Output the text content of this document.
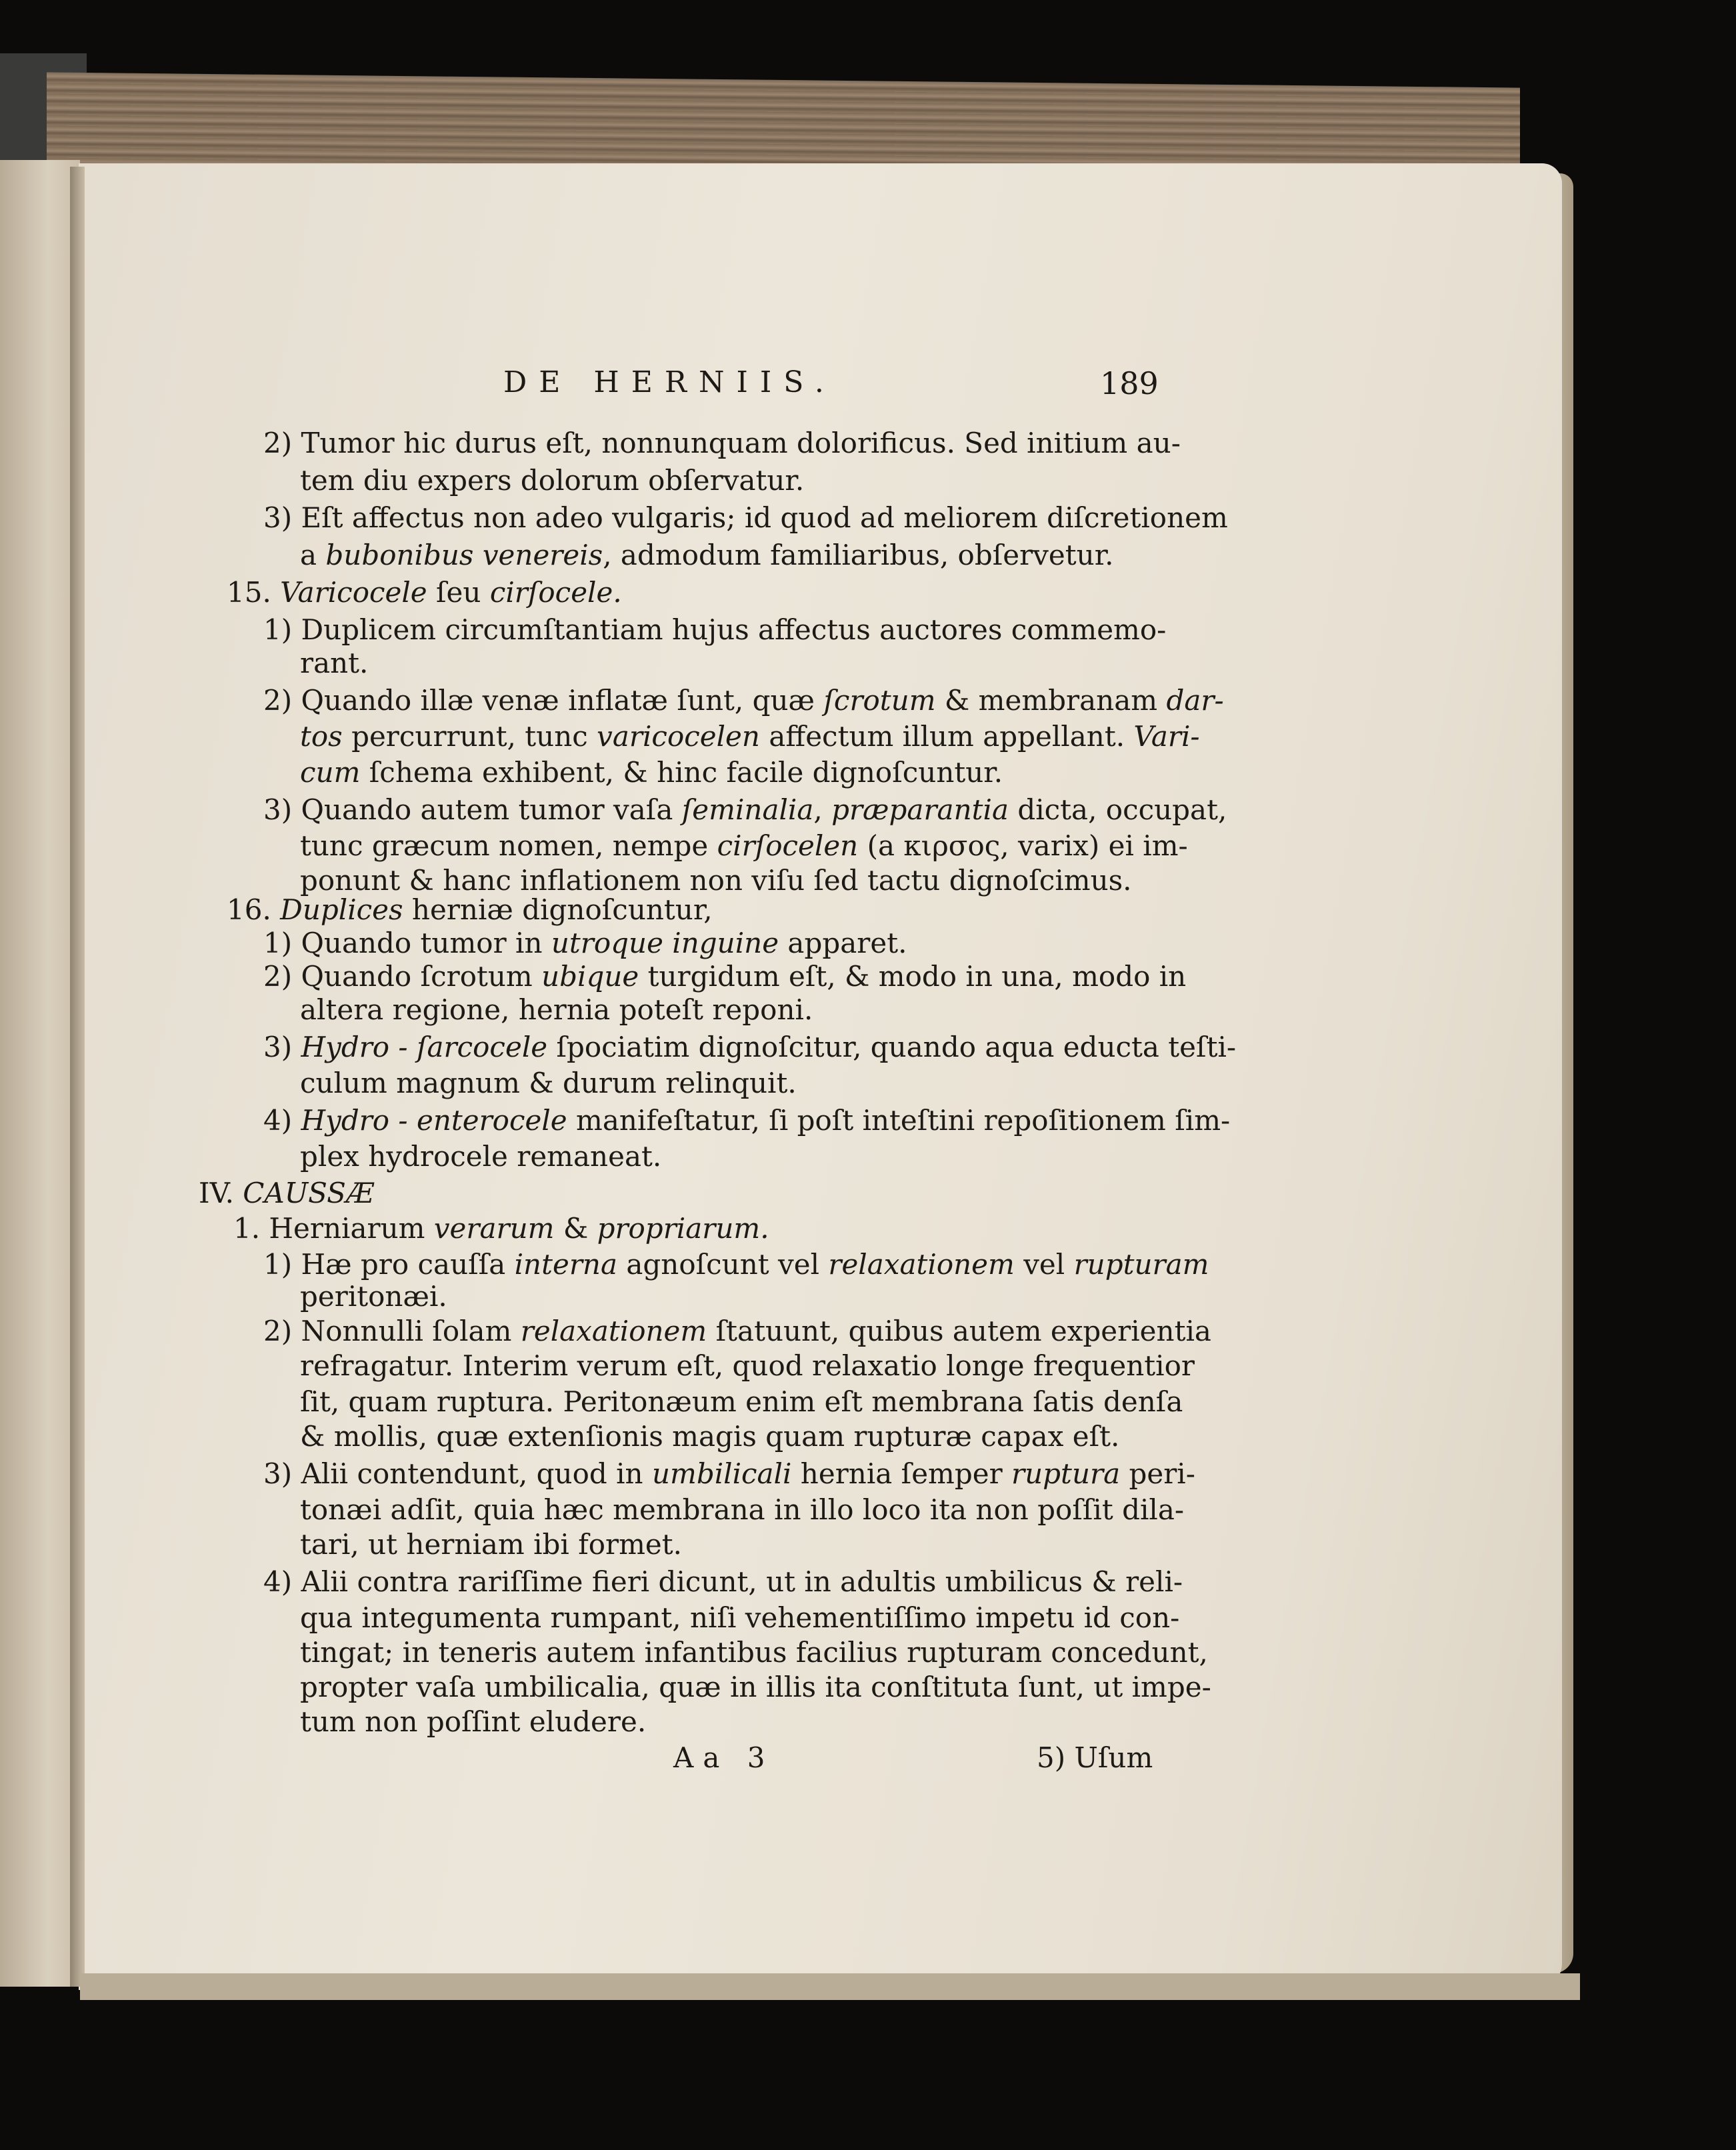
DE HERNIIS.	189
2) Tumor hic durus eſt, nonnunquam dolorificus. Sed initium au-
tem diu expers dolorum obſervatur.
3) Eſt affectus non adeo vulgaris; id quod ad meliorem diſcretionem
a bubonibus venereis, admodum familiaribus, obſervetur.
15. Varicocele ſeu cirſocele.
1) Duplicem circumſtantiam hujus affectus auctores commemo-
rant.
2) Quando illæ venæ inflatæ ſunt, quæ ſcrotum & membranam dar-
tos percurrunt, tunc varicocelen affectum illum appellant. Vari-
cum ſchema exhibent, & hinc facile dignoſcuntur.
3) Quando autem tumor vaſa ſeminalia, præparantia dicta, occupat,
tunc græcum nomen, nempe cirſocelen (a κιρσος, varix) ei im-
ponunt & hanc inflationem non viſu ſed tactu dignoſcimus.
16. Duplices herniæ dignoſcuntur,
1) Quando tumor in utroque inguine apparet.
2) Quando ſcrotum ubique turgidum eſt, & modo in una, modo in
altera regione, hernia poteſt reponi.
3) Hydro - ſarcocele ſpociatim dignoſcitur, quando aqua educta teſti-
culum magnum & durum relinquit.
4) Hydro - enterocele manifeſtatur, ſi poſt inteſtini repoſitionem ſim-
plex hydrocele remaneat.
IV. CAUSSÆ
1. Herniarum verarum & propriarum.
1) Hæ pro cauſſa interna agnoſcunt vel relaxationem vel rupturam
peritonæi.
2) Nonnulli ſolam relaxationem ſtatuunt, quibus autem experientia
refragatur. Interim verum eſt, quod relaxatio longe frequentior
ſit, quam ruptura. Peritonæum enim eſt membrana ſatis denſa
& mollis, quæ extenſionis magis quam rupturæ capax eſt.
3) Alii contendunt, quod in umbilicali hernia ſemper ruptura peri-
tonæi adſit, quia hæc membrana in illo loco ita non poſſit dila-
tari, ut herniam ibi formet.
4) Alii contra rariſſime fieri dicunt, ut in adultis umbilicus & reli-
qua integumenta rumpant, niſi vehementiſſimo impetu id con-
tingat; in teneris autem infantibus facilius rupturam concedunt,
propter vaſa umbilicalia, quæ in illis ita conſtituta ſunt, ut impe-
tum non poſſint eludere.
Aa 3	5) Uſum
